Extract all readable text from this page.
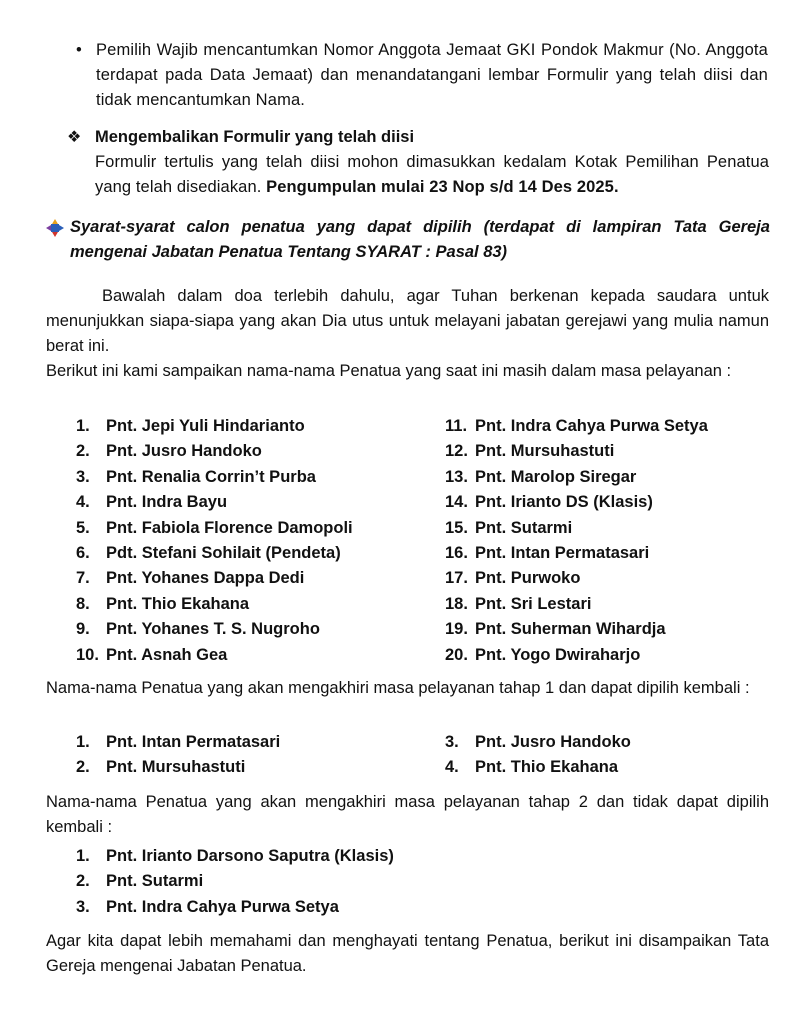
• Pemilih Wajib mencantumkan Nomor Anggota Jemaat GKI Pondok Makmur (No. Anggota terdapat pada Data Jemaat) dan menandatangani lembar Formulir yang telah diisi dan tidak mencantumkan Nama.
❖ Mengembalikan Formulir yang telah diisi
Formulir tertulis yang telah diisi mohon dimasukkan kedalam Kotak Pemilihan Penatua yang telah disediakan. Pengumpulan mulai 23 Nop s/d 14 Des 2025.
Syarat-syarat calon penatua yang dapat dipilih (terdapat di lampiran Tata Gereja mengenai Jabatan Penatua Tentang SYARAT : Pasal 83)
Bawalah dalam doa terlebih dahulu, agar Tuhan berkenan kepada saudara untuk menunjukkan siapa-siapa yang akan Dia utus untuk melayani jabatan gerejawi yang mulia namun berat ini.
Berikut ini kami sampaikan nama-nama Penatua yang saat ini masih dalam masa pelayanan :
1. Pnt. Jepi Yuli Hindarianto
2. Pnt. Jusro Handoko
3. Pnt. Renalia Corrin’t Purba
4. Pnt. Indra Bayu
5. Pnt. Fabiola Florence Damopoli
6. Pdt. Stefani Sohilait (Pendeta)
7. Pnt. Yohanes Dappa Dedi
8. Pnt. Thio Ekahana
9. Pnt. Yohanes T. S. Nugroho
10. Pnt. Asnah Gea
11. Pnt. Indra Cahya Purwa Setya
12. Pnt. Mursuhastuti
13. Pnt. Marolop Siregar
14. Pnt. Irianto DS (Klasis)
15. Pnt. Sutarmi
16. Pnt. Intan Permatasari
17. Pnt. Purwoko
18. Pnt. Sri Lestari
19. Pnt. Suherman Wihardja
20. Pnt. Yogo Dwiraharjo
Nama-nama Penatua yang akan mengakhiri masa pelayanan tahap 1 dan dapat dipilih kembali :
1. Pnt. Intan Permatasari
2. Pnt. Mursuhastuti
3. Pnt. Jusro Handoko
4. Pnt. Thio Ekahana
Nama-nama Penatua yang akan mengakhiri masa pelayanan tahap 2 dan tidak dapat dipilih kembali :
1. Pnt. Irianto Darsono Saputra (Klasis)
2. Pnt. Sutarmi
3. Pnt. Indra Cahya Purwa Setya
Agar kita dapat lebih memahami dan menghayati tentang Penatua, berikut ini disampaikan Tata Gereja mengenai Jabatan Penatua.
